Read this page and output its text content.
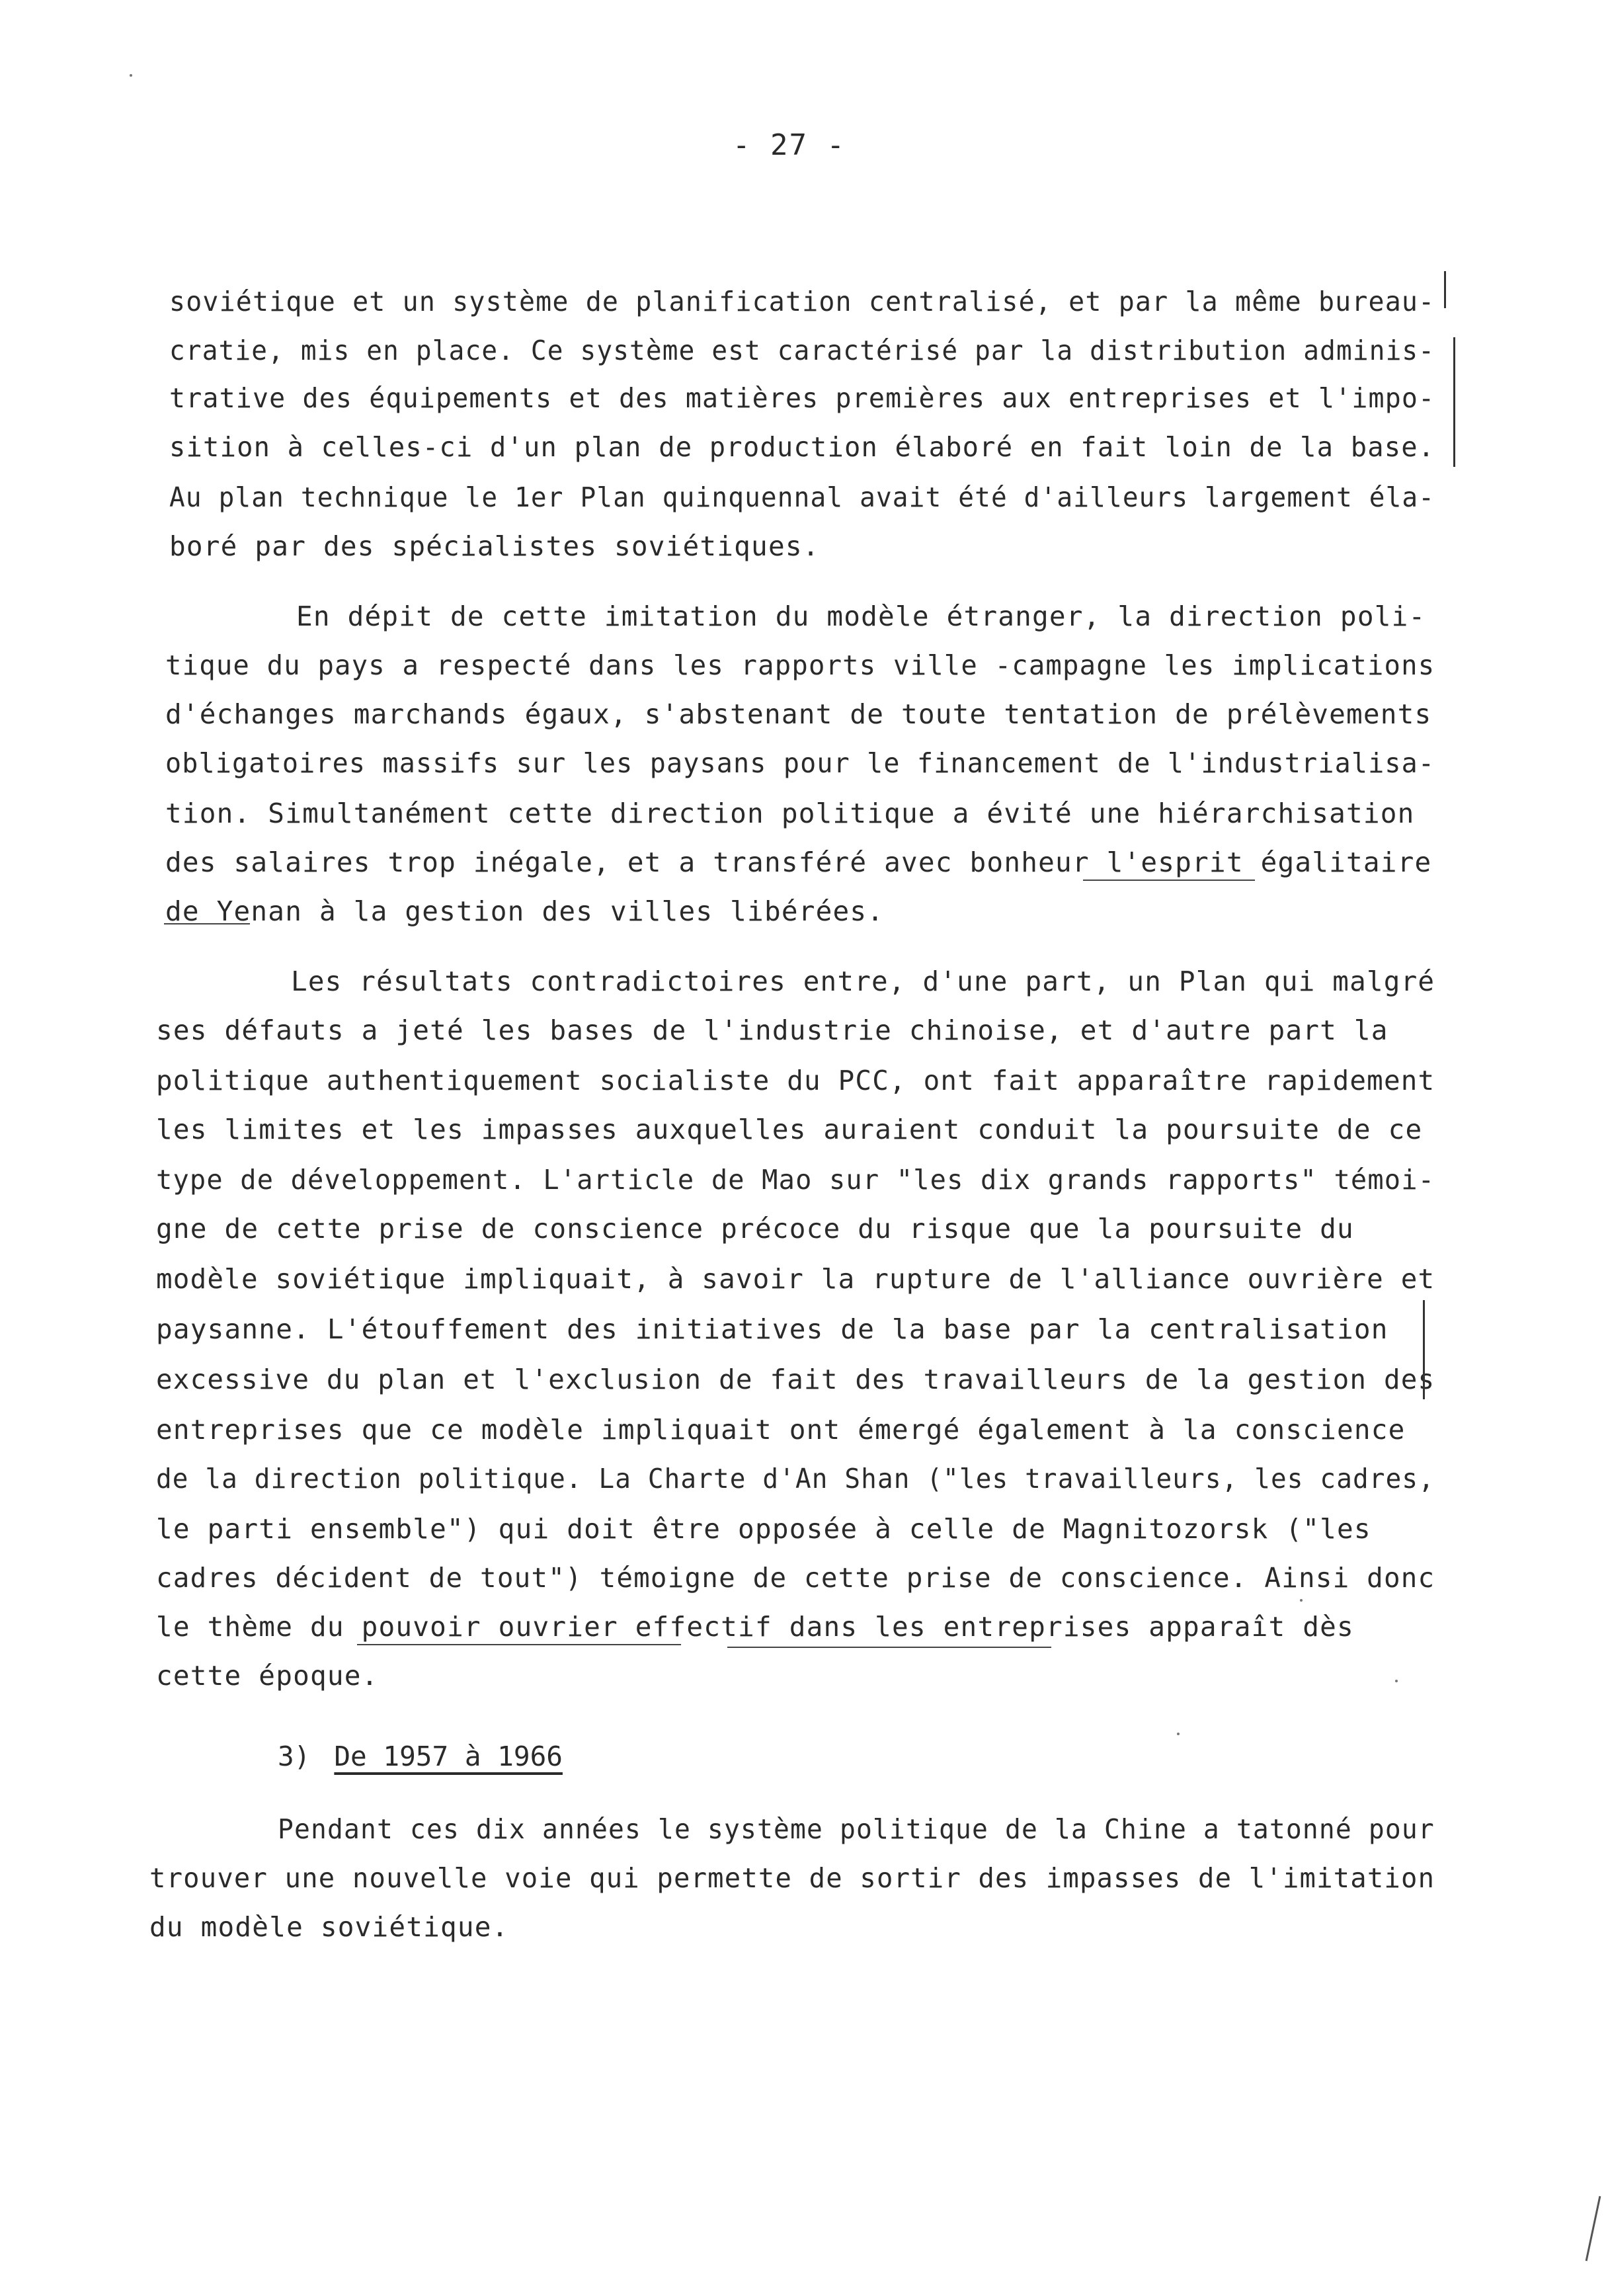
- 27 -
soviétique et un système de planification centralisé, et par la même bureau-
cratie, mis en place. Ce système est caractérisé par la distribution adminis-
trative des équipements et des matières premières aux entreprises et l'impo-
sition à celles-ci d'un plan de production élaboré en fait loin de la base.
Au plan technique le 1er Plan quinquennal avait été d'ailleurs largement éla-
boré par des spécialistes soviétiques.
En dépit de cette imitation du modèle étranger, la direction poli-
tique du pays a respecté dans les rapports ville -campagne les implications
d'échanges marchands égaux, s'abstenant de toute tentation de prélèvements
obligatoires massifs sur les paysans pour le financement de l'industrialisa-
tion. Simultanément cette direction politique a évité une hiérarchisation
des salaires trop inégale, et a transféré avec bonheur l'esprit égalitaire
de Yenan à la gestion des villes libérées.
Les résultats contradictoires entre, d'une part, un Plan qui malgré
ses défauts a jeté les bases de l'industrie chinoise, et d'autre part la
politique authentiquement socialiste du PCC, ont fait apparaître rapidement
les limites et les impasses auxquelles auraient conduit la poursuite de ce
type de développement. L'article de Mao sur "les dix grands rapports" témoi-
gne de cette prise de conscience précoce du risque que la poursuite du
modèle soviétique impliquait, à savoir la rupture de l'alliance ouvrière et
paysanne. L'étouffement des initiatives de la base par la centralisation
excessive du plan et l'exclusion de fait des travailleurs de la gestion des
entreprises que ce modèle impliquait ont émergé également à la conscience
de la direction politique. La Charte d'An Shan ("les travailleurs, les cadres,
le parti ensemble") qui doit être opposée à celle de Magnitozorsk ("les
cadres décident de tout") témoigne de cette prise de conscience. Ainsi donc
le thème du pouvoir ouvrier effectif dans les entreprises apparaît dès
cette époque.
3) De 1957 à 1966
Pendant ces dix années le système politique de la Chine a tatonné pour
trouver une nouvelle voie qui permette de sortir des impasses de l'imitation
du modèle soviétique.
